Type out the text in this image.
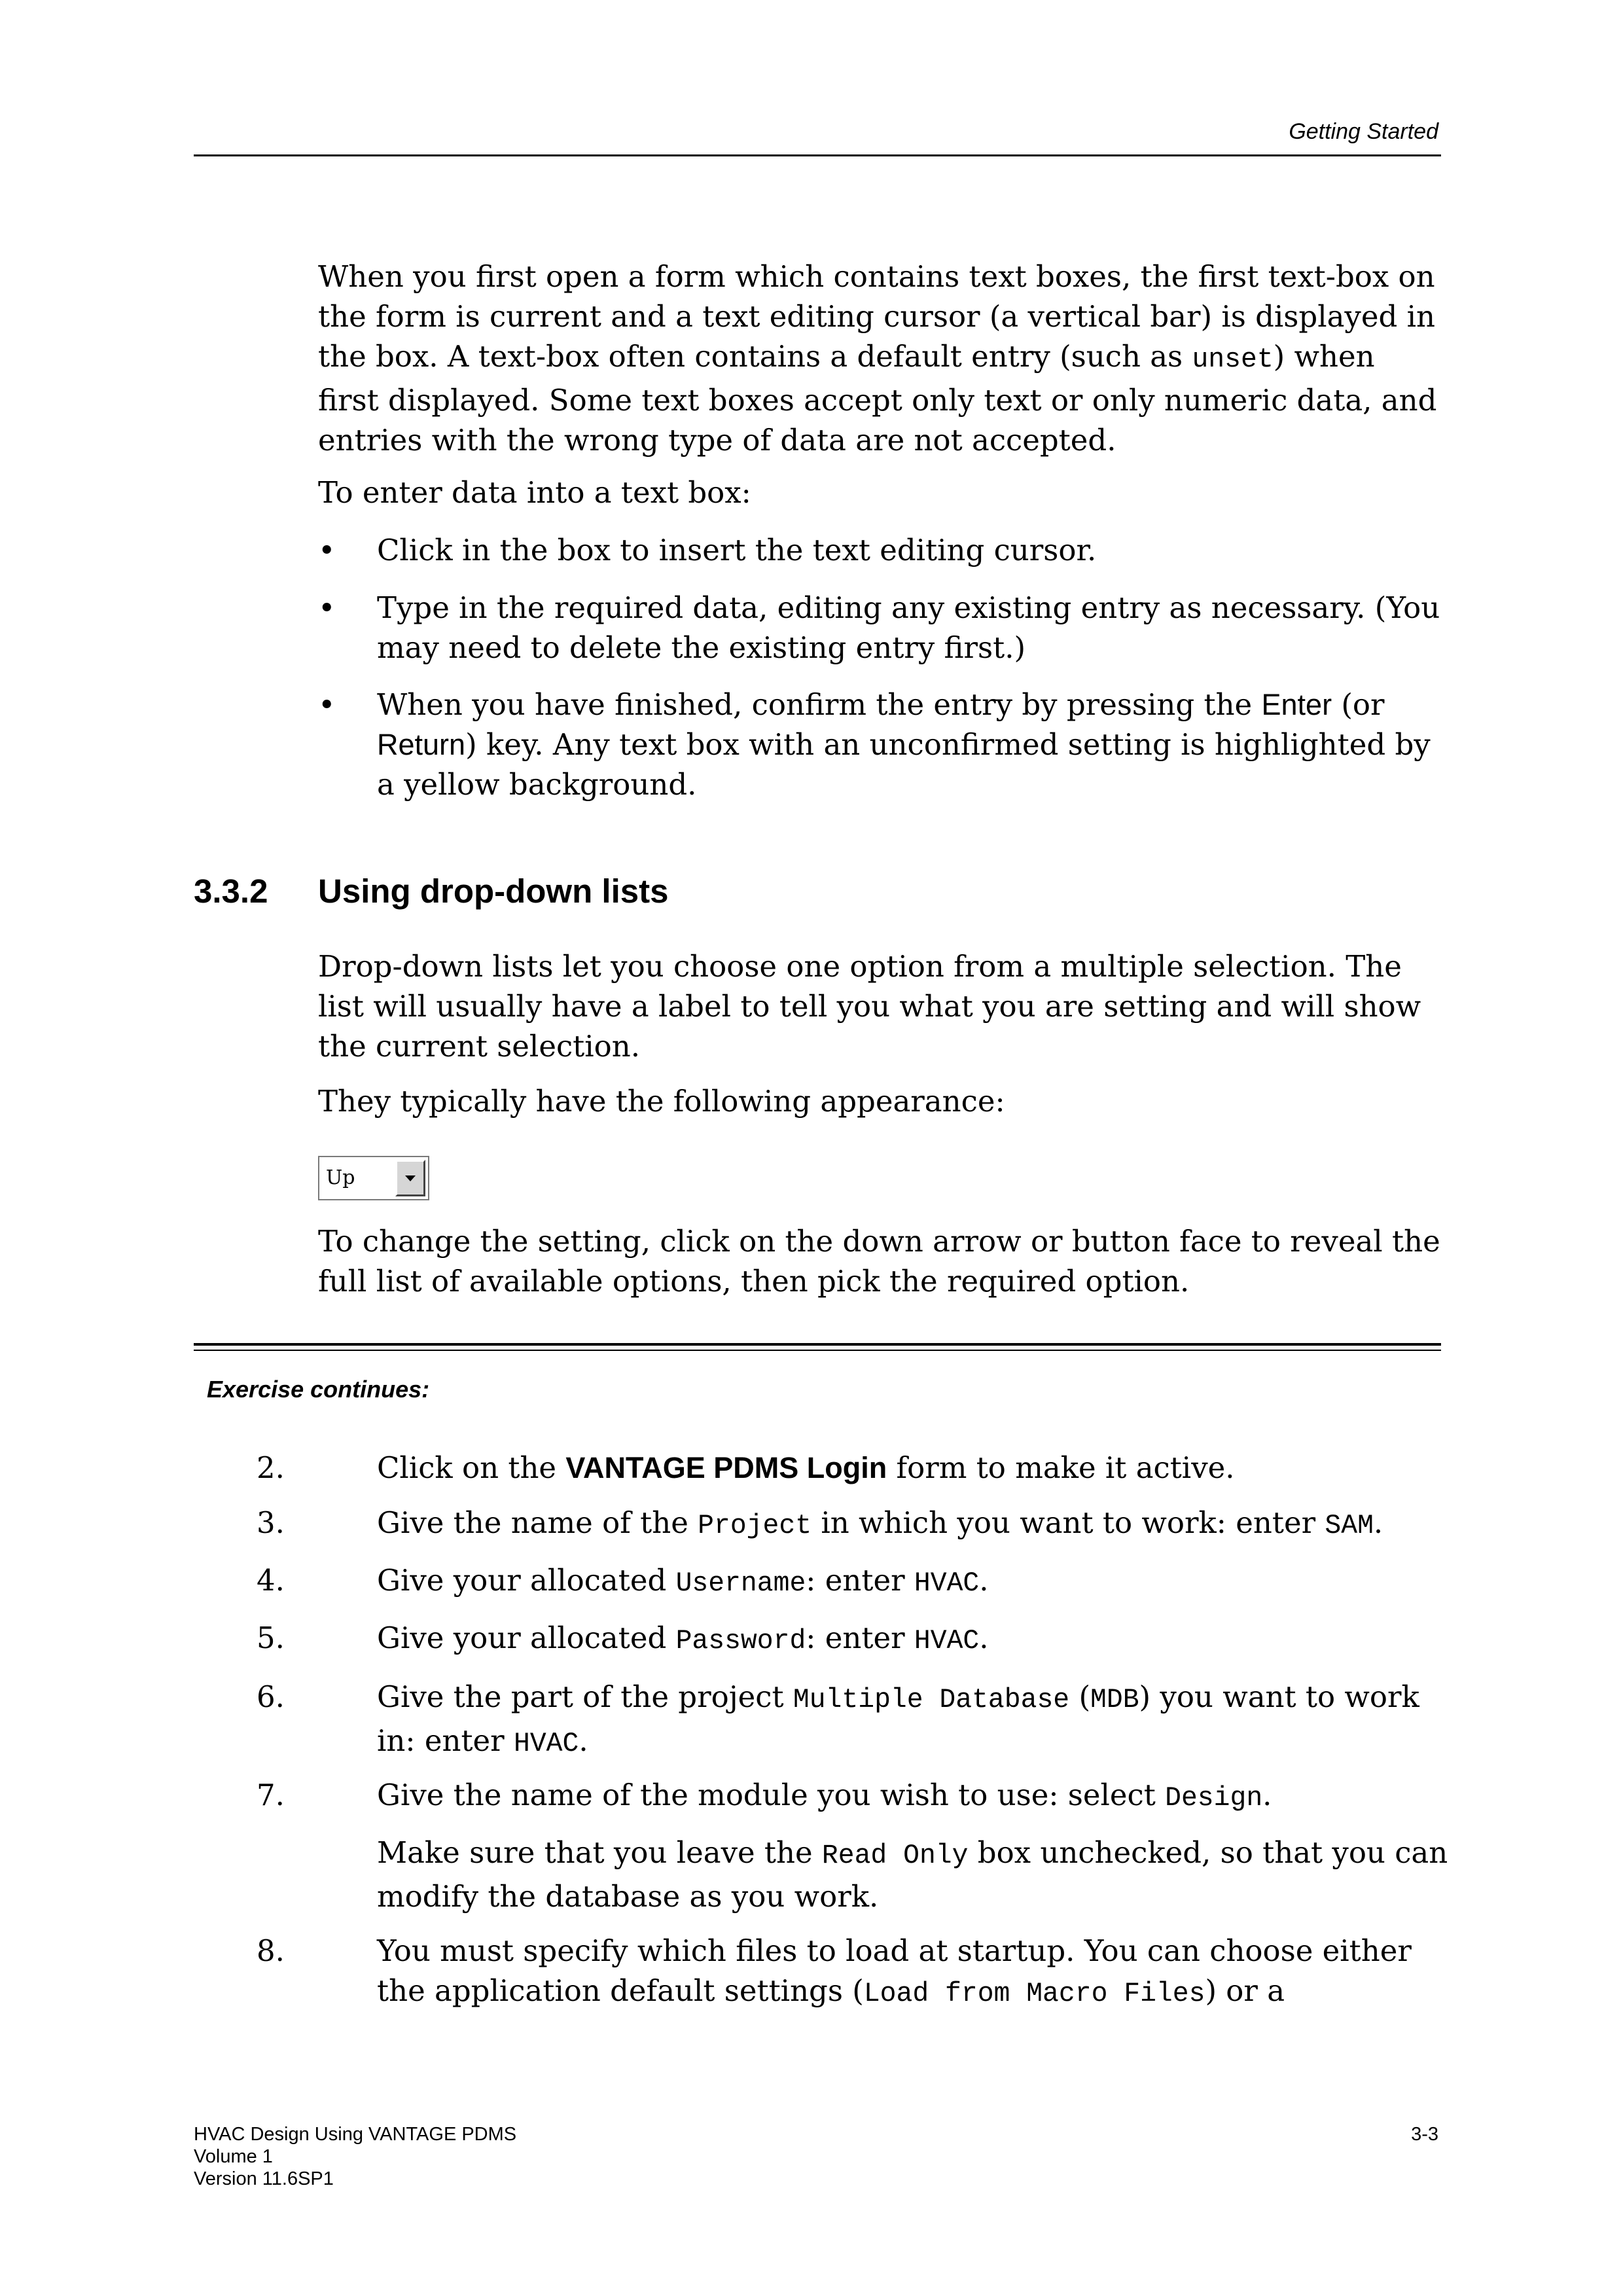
Getting Started
When you first open a form which contains text boxes, the first text-box on the form is current and a text editing cursor (a vertical bar) is displayed in the box. A text-box often contains a default entry (such as unset) when first displayed. Some text boxes accept only text or only numeric data, and entries with the wrong type of data are not accepted.
To enter data into a text box:
•	Click in the box to insert the text editing cursor.
•	Type in the required data, editing any existing entry as necessary. (You may need to delete the existing entry first.)
•	When you have finished, confirm the entry by pressing the Enter (or Return) key. Any text box with an unconfirmed setting is highlighted by a yellow background.
3.3.2 Using drop-down lists
Drop-down lists let you choose one option from a multiple selection. The list will usually have a label to tell you what you are setting and will show the current selection.
They typically have the following appearance:
Up
To change the setting, click on the down arrow or button face to reveal the full list of available options, then pick the required option.
Exercise continues:
2.	Click on the VANTAGE PDMS Login form to make it active.
3.	Give the name of the Project in which you want to work: enter SAM.
4.	Give your allocated Username: enter HVAC.
5.	Give your allocated Password: enter HVAC.
6.	Give the part of the project Multiple Database (MDB) you want to work in: enter HVAC.
7.	Give the name of the module you wish to use: select Design.
Make sure that you leave the Read Only box unchecked, so that you can modify the database as you work.
8.	You must specify which files to load at startup. You can choose either the application default settings (Load from Macro Files) or a
HVAC Design Using VANTAGE PDMS
Volume 1
Version 11.6SP1
3-3
